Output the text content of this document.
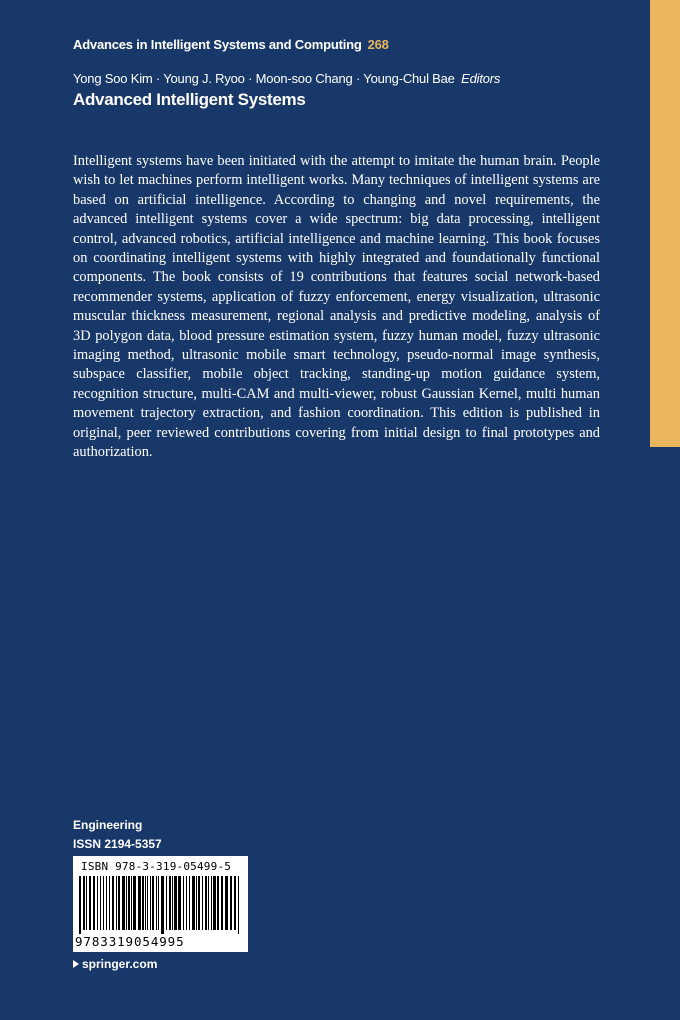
Advances in Intelligent Systems and Computing 268
Yong Soo Kim · Young J. Ryoo · Moon-soo Chang · Young-Chul Bae Editors
Advanced Intelligent Systems
Intelligent systems have been initiated with the attempt to imitate the human brain. People wish to let machines perform intelligent works. Many techniques of intelligent systems are based on artificial intelligence. According to changing and novel requirements, the advanced intelligent systems cover a wide spectrum: big data processing, intelligent control, advanced robotics, artificial intelligence and machine learning. This book focuses on coordinating intelligent systems with highly integrated and foundationally functional components. The book consists of 19 contributions that features social network-based recommender systems, application of fuzzy enforcement, energy visualization, ultrasonic muscular thickness measurement, regional analysis and predictive modeling, analysis of 3D polygon data, blood pressure estimation system, fuzzy human model, fuzzy ultrasonic imaging method, ultrasonic mobile smart technology, pseudo-normal image synthesis, subspace classifier, mobile object tracking, standing-up motion guidance system, recognition structure, multi-CAM and multi-viewer, robust Gaussian Kernel, multi human movement trajectory extraction, and fashion coordination. This edition is published in original, peer reviewed contributions covering from initial design to final prototypes and authorization.
Engineering
ISSN 2194-5357
ISBN 978-3-319-05499-5
9783319054995
springer.com
